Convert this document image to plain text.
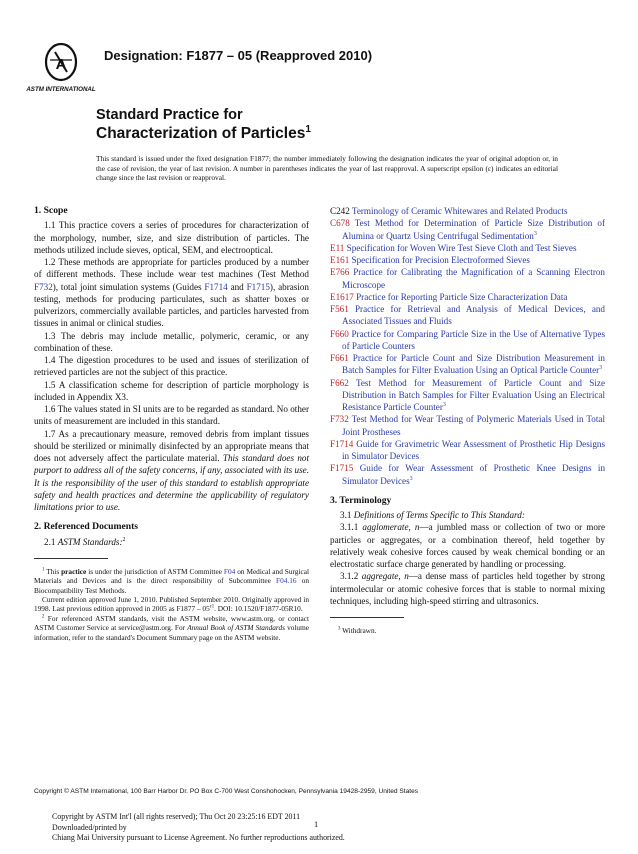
A
ASTM INTERNATIONAL
Designation: F1877 – 05 (Reapproved 2010)
Standard Practice for
Characterization of Particles$^1$
This standard is issued under the fixed designation F1877; the number immediately following the designation indicates the year of original adoption or, in the case of revision, the year of last revision. A number in parentheses indicates the year of last reapproval. A superscript epsilon (ε) indicates an editorial change since the last revision or reapproval.
1. Scope

1.1 This practice covers a series of procedures for characterization of the morphology, number, size, and size distribution of particles. The methods utilized include sieves, optical, SEM, and electrooptical.

1.2 These methods are appropriate for particles produced by a number of different methods. These include wear test machines (Test Method F732), total joint simulation systems (Guides F1714 and F1715), abrasion testing, methods for producing particulates, such as shatter boxes or pulverizors, commercially available particles, and particles harvested from tissues in animal or clinical studies.

1.3 The debris may include metallic, polymeric, ceramic, or any combination of these.

1.4 The digestion procedures to be used and issues of sterilization of retrieved particles are not the subject of this practice.

1.5 A classification scheme for description of particle morphology is included in Appendix X3.

1.6 The values stated in SI units are to be regarded as standard. No other units of measurement are included in this standard.

1.7 As a precautionary measure, removed debris from implant tissues should be sterilized or minimally disinfected by an appropriate means that does not adversely affect the particulate material. This standard does not purport to address all of the safety concerns, if any, associated with its use. It is the responsibility of the user of this standard to establish appropriate safety and health practices and determine the applicability of regulatory limitations prior to use.

2. Referenced Documents

2.1 ASTM Standards:$^2$

$^1$ This practice is under the jurisdiction of ASTM Committee F04 on Medical and Surgical Materials and Devices and is the direct responsibility of Subcommittee F04.16 on Biocompatibility Test Methods.

Current edition approved June 1, 2010. Published September 2010. Originally approved in 1998. Last previous edition approved in 2005 as $F1877 - 05^{\varepsilon 1}$. DOI: 10.1520/F1877-05R10.

$^2$ For referenced ASTM standards, visit the ASTM website, www.astm.org, or contact ASTM Customer Service at service@astm.org. For Annual Book of ASTM Standards volume information, refer to the standard's Document Summary page on the ASTM website.

C242 Terminology of Ceramic Whitewares and Related Products

C678 Test Method for Determination of Particle Size Distribution of Alumina or Quartz Using Centrifugal Sedimentation$^3$

E11 Specification for Woven Wire Test Sieve Cloth and Test Sieves

E161 Specification for Precision Electroformed Sieves

E766 Practice for Calibrating the Magnification of a Scanning Electron Microscope

E1617 Practice for Reporting Particle Size Characterization Data

F561 Practice for Retrieval and Analysis of Medical Devices, and Associated Tissues and Fluids

F660 Practice for Comparing Particle Size in the Use of Alternative Types of Particle Counters

F661 Practice for Particle Count and Size Distribution Measurement in Batch Samples for Filter Evaluation Using an Optical Particle Counter$^3$

F662 Test Method for Measurement of Particle Count and Size Distribution in Batch Samples for Filter Evaluation Using an Electrical Resistance Particle Counter$^3$

F732 Test Method for Wear Testing of Polymeric Materials Used in Total Joint Prostheses

F1714 Guide for Gravimetric Wear Assessment of Prosthetic Hip Designs in Simulator Devices

F1715 Guide for Wear Assessment of Prosthetic Knee Designs in Simulator Devices$^3$

3. Terminology

3.1 Definitions of Terms Specific to This Standard:

3.1.1 agglomerate, n—a jumbled mass or collection of two or more particles or aggregates, or a combination thereof, held together by relatively weak cohesive forces caused by weak chemical bonding or an electrostatic surface charge generated by handling or processing.

3.1.2 aggregate, n—a dense mass of particles held together by strong intermolecular or atomic cohesive forces that is stable to normal mixing techniques, including high-speed stirring and ultrasonics.

$^3$ Withdrawn.

Copyright © ASTM International, 100 Barr Harbor Dr. PO Box C-700 West Conshohocken, Pennsylvania 19428-2959, United States
Copyright by ASTM Int'l (all rights reserved); Thu Oct 20 23:25:16 EDT 2011
Downloaded/printed by
Chiang Mai University pursuant to License Agreement. No further reproductions authorized.
1
